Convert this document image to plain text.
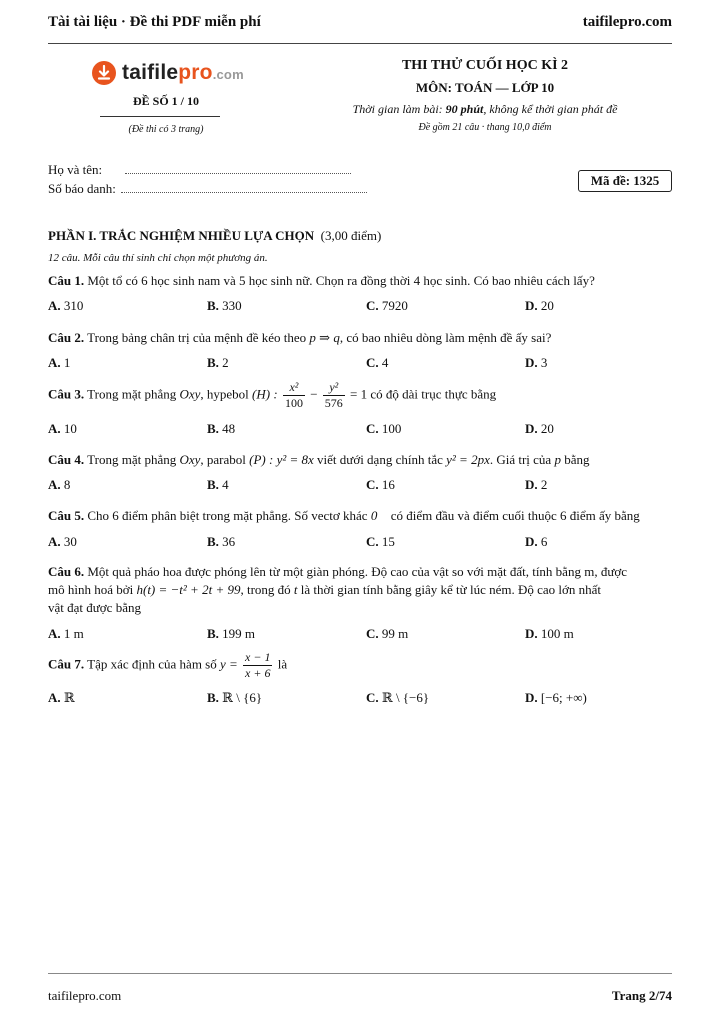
Tài tài liệu · Đề thi PDF miễn phí	taifilepro.com
taifilepro.com
ĐỀ SỐ 1 / 10
(Đề thi có 3 trang)
THI THỬ CUỐI HỌC KÌ 2
MÔN: TOÁN — LỚP 10
Thời gian làm bài: 90 phút, không kể thời gian phát đề
Đề gồm 21 câu · thang 10,0 điểm
Họ và tên:
Số báo danh:
Mã đề: 1325
PHẦN I. TRẮC NGHIỆM NHIỀU LỰA CHỌN (3,00 điểm)
12 câu. Mỗi câu thí sinh chỉ chọn một phương án.
Câu 1. Một tổ có 6 học sinh nam và 5 học sinh nữ. Chọn ra đồng thời 4 học sinh. Có bao nhiêu cách lấy?
A. 310	B. 330	C. 7920	D. 20
Câu 2. Trong bảng chân trị của mệnh đề kéo theo p ⇒ q, có bao nhiêu dòng làm mệnh đề ấy sai?
A. 1	B. 2	C. 4	D. 3
Câu 3. Trong mặt phẳng Oxy, hypebol (H) : $\frac{\text{x²}}{100} - \frac{\text{y²}}{576} = 1$ có độ dài trục thực bằng
A. 10	B. 48	C. 100	D. 20
Câu 4. Trong mặt phẳng Oxy, parabol (P) : y² = 8x viết dưới dạng chính tắc y² = 2px. Giá trị của p bằng
A. 8	B. 4	C. 16	D. 2
Câu 5. Cho 6 điểm phân biệt trong mặt phẳng. Số vectơ khác 0⃗ có điểm đầu và điểm cuối thuộc 6 điểm ấy bằng
A. 30	B. 36	C. 15	D. 6
Câu 6. Một quả pháo hoa được phóng lên từ một giàn phóng. Độ cao của vật so với mặt đất, tính bằng m, được
mô hình hoá bởi h(t) = −t² + 2t + 99, trong đó t là thời gian tính bằng giây kể từ lúc ném. Độ cao lớn nhất
vật đạt được bằng
A. 1 m	B. 199 m	C. 99 m	D. 100 m
Câu 7. Tập xác định của hàm số $y = \frac{x - 1}{x + 6}$ là
A. ℝ	B. ℝ \ {6}	C. ℝ \ {−6}	D. [−6; +∞)
taifilepro.com	Trang 2/74
